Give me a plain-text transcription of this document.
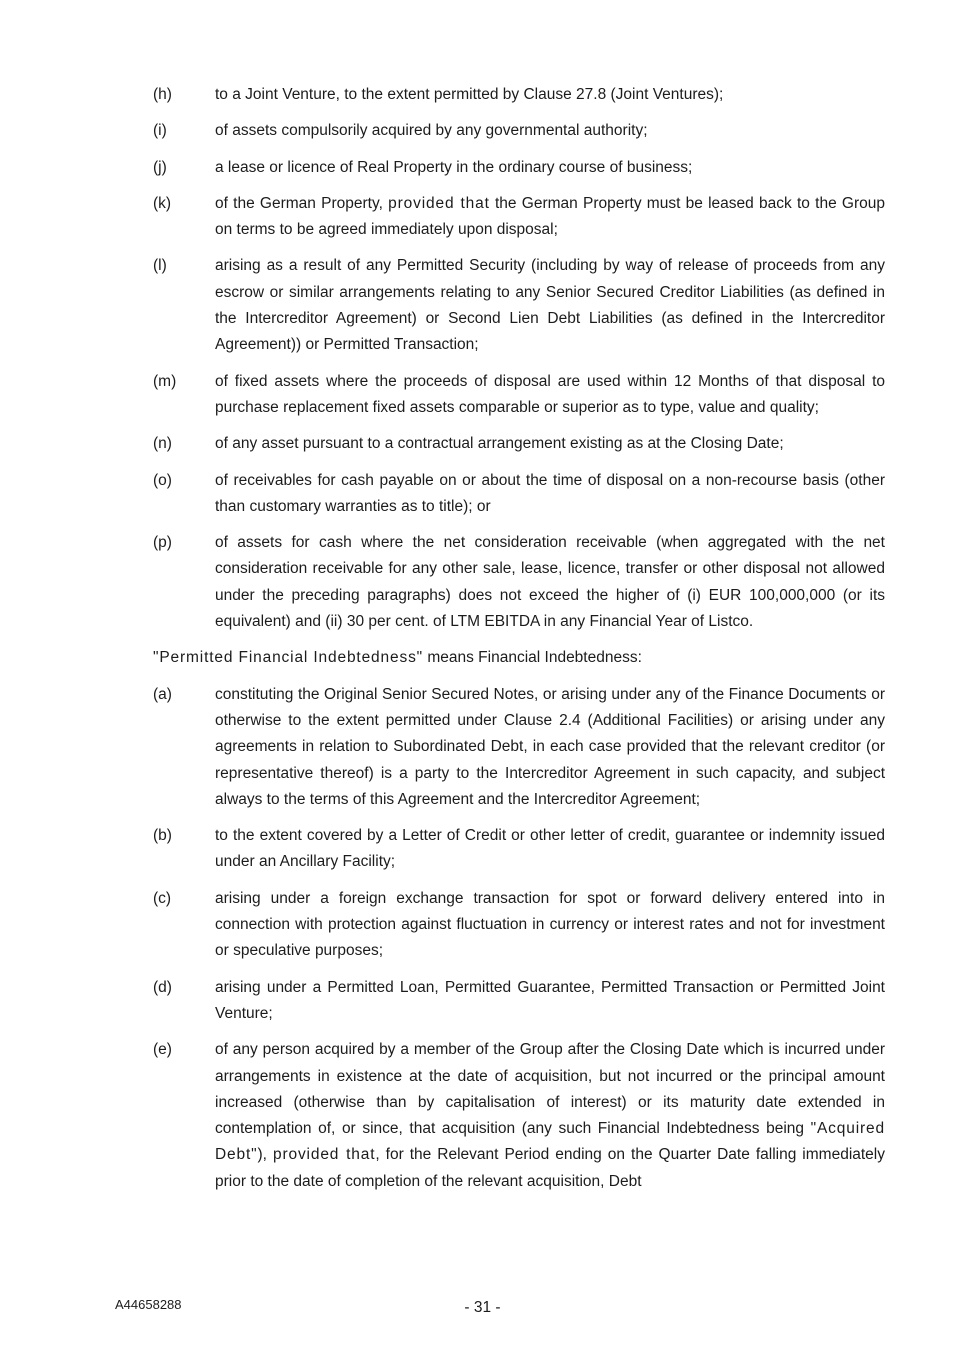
(h)	to a Joint Venture, to the extent permitted by Clause 27.8 (Joint Ventures);
(i)	of assets compulsorily acquired by any governmental authority;
(j)	a lease or licence of Real Property in the ordinary course of business;
(k)	of the German Property, provided that the German Property must be leased back to the Group on terms to be agreed immediately upon disposal;
(l)	arising as a result of any Permitted Security (including by way of release of proceeds from any escrow or similar arrangements relating to any Senior Secured Creditor Liabilities (as defined in the Intercreditor Agreement) or Second Lien Debt Liabilities (as defined in the Intercreditor Agreement)) or Permitted Transaction;
(m)	of fixed assets where the proceeds of disposal are used within 12 Months of that disposal to purchase replacement fixed assets comparable or superior as to type, value and quality;
(n)	of any asset pursuant to a contractual arrangement existing as at the Closing Date;
(o)	of receivables for cash payable on or about the time of disposal on a non-recourse basis (other than customary warranties as to title); or
(p)	of assets for cash where the net consideration receivable (when aggregated with the net consideration receivable for any other sale, lease, licence, transfer or other disposal not allowed under the preceding paragraphs) does not exceed the higher of (i) EUR 100,000,000 (or its equivalent) and (ii) 30 per cent. of LTM EBITDA in any Financial Year of Listco.
"Permitted Financial Indebtedness" means Financial Indebtedness:
(a)	constituting the Original Senior Secured Notes, or arising under any of the Finance Documents or otherwise to the extent permitted under Clause 2.4 (Additional Facilities) or arising under any agreements in relation to Subordinated Debt, in each case provided that the relevant creditor (or representative thereof) is a party to the Intercreditor Agreement in such capacity, and subject always to the terms of this Agreement and the Intercreditor Agreement;
(b)	to the extent covered by a Letter of Credit or other letter of credit, guarantee or indemnity issued under an Ancillary Facility;
(c)	arising under a foreign exchange transaction for spot or forward delivery entered into in connection with protection against fluctuation in currency or interest rates and not for investment or speculative purposes;
(d)	arising under a Permitted Loan, Permitted Guarantee, Permitted Transaction or Permitted Joint Venture;
(e)	of any person acquired by a member of the Group after the Closing Date which is incurred under arrangements in existence at the date of acquisition, but not incurred or the principal amount increased (otherwise than by capitalisation of interest) or its maturity date extended in contemplation of, or since, that acquisition (any such Financial Indebtedness being "Acquired Debt"), provided that, for the Relevant Period ending on the Quarter Date falling immediately prior to the date of completion of the relevant acquisition, Debt
A44658288	- 31 -
